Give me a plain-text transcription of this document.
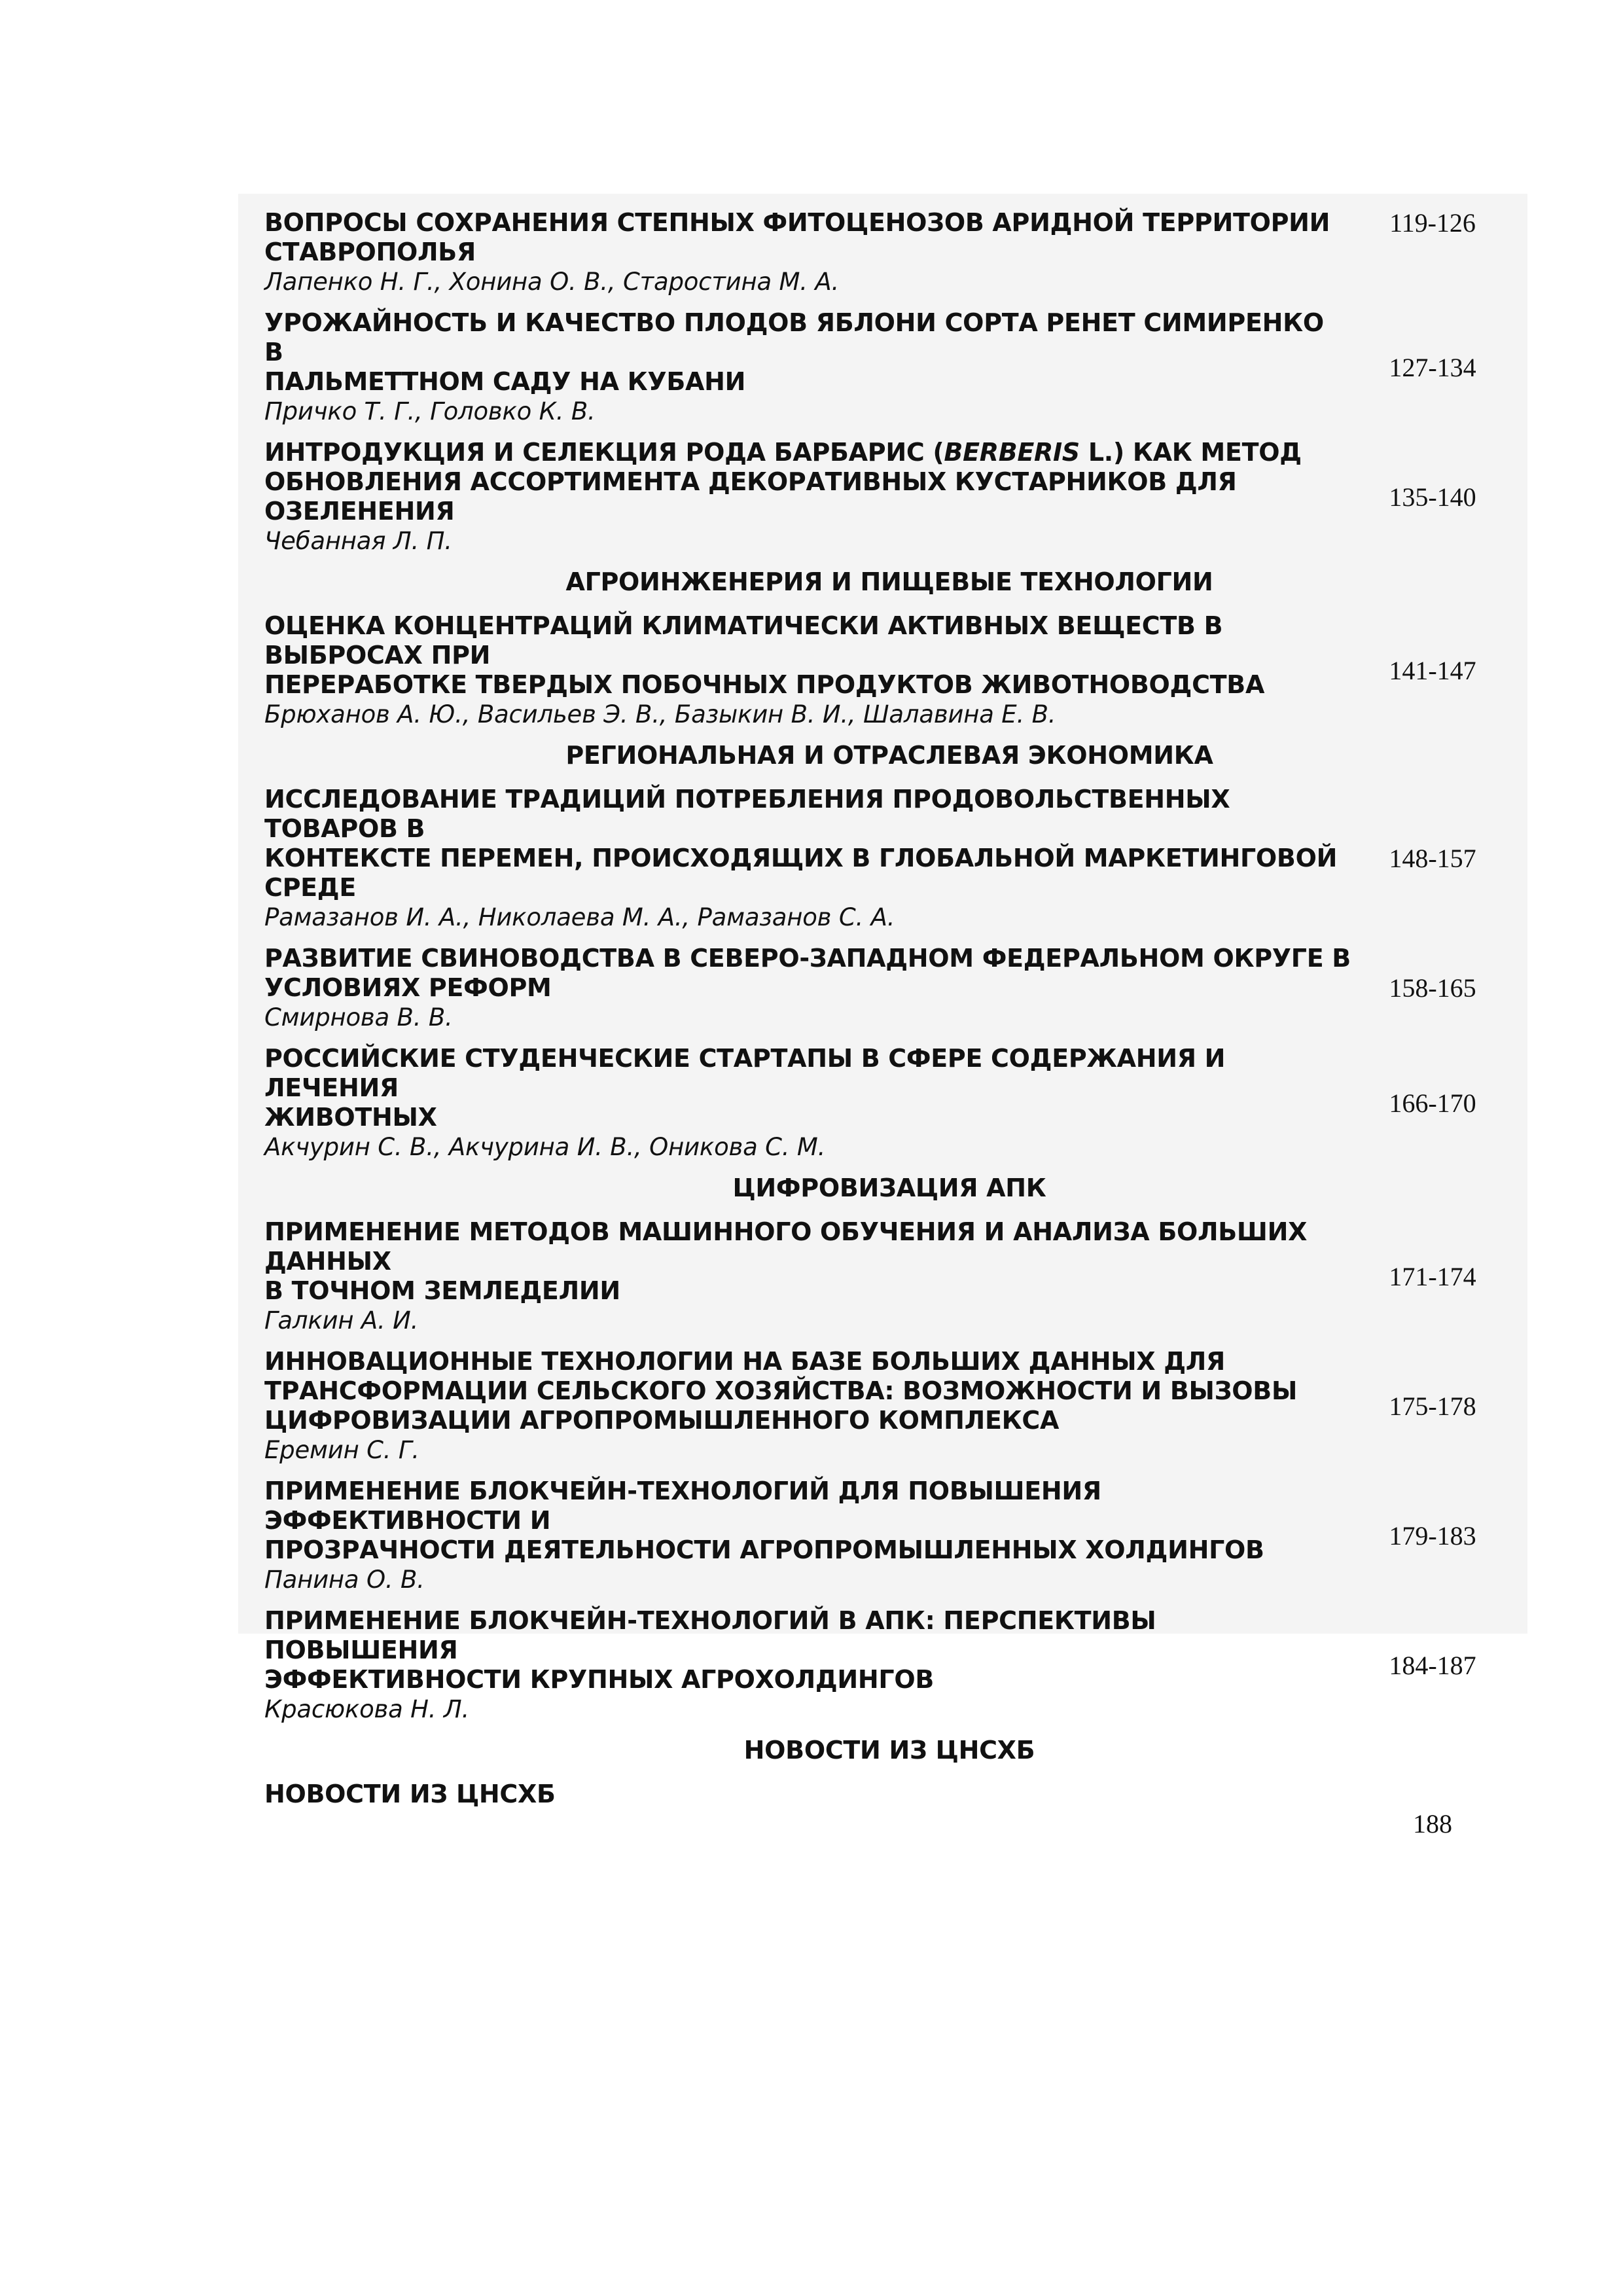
ВОПРОСЫ СОХРАНЕНИЯ СТЕПНЫХ ФИТОЦЕНОЗОВ АРИДНОЙ ТЕРРИТОРИИ
СТАВРОПОЛЬЯ
Лапенко Н. Г., Хонина О. В., Старостина М. А.
119-126
УРОЖАЙНОСТЬ И КАЧЕСТВО ПЛОДОВ ЯБЛОНИ СОРТА РЕНЕТ СИМИРЕНКО В
ПАЛЬМЕТТНОМ САДУ НА КУБАНИ
Пpичко Т. Г., Головко К. В.
127-134
ИНТРОДУКЦИЯ И СЕЛЕКЦИЯ РОДА БАРБАРИС (BERBERIS L.) КАК МЕТОД
ОБНОВЛЕНИЯ АССОРТИМЕНТА ДЕКОРАТИВНЫХ КУСТАРНИКОВ ДЛЯ ОЗЕЛЕНЕНИЯ
Чебанная Л. П.
135-140
АГРОИНЖЕНЕРИЯ И ПИЩЕВЫЕ ТЕХНОЛОГИИ
ОЦЕНКА КОНЦЕНТРАЦИЙ КЛИМАТИЧЕСКИ АКТИВНЫХ ВЕЩЕСТВ В ВЫБРОСАХ ПРИ
ПЕРЕРАБОТКЕ ТВЕРДЫХ ПОБОЧНЫХ ПРОДУКТОВ ЖИВОТНОВОДСТВА
Брюханов А. Ю., Васильев Э. В., Базыкин В. И., Шалавина Е. В.
141-147
РЕГИОНАЛЬНАЯ И ОТРАСЛЕВАЯ ЭКОНОМИКА
ИССЛЕДОВАНИЕ ТРАДИЦИЙ ПОТРЕБЛЕНИЯ ПРОДОВОЛЬСТВЕННЫХ ТОВАРОВ В
КОНТЕКСТЕ ПЕРЕМЕН, ПРОИСХОДЯЩИХ В ГЛОБАЛЬНОЙ МАРКЕТИНГОВОЙ СРЕДЕ
Рамазанов И. А., Николаева М. А., Рамазанов С. А.
148-157
РАЗВИТИЕ СВИНОВОДСТВА В СЕВЕРО-ЗАПАДНОМ ФЕДЕРАЛЬНОМ ОКРУГЕ В
УСЛОВИЯХ РЕФОРМ
Смирнова В. В.
158-165
РОССИЙСКИЕ СТУДЕНЧЕСКИЕ СТАРТАПЫ В СФЕРЕ СОДЕРЖАНИЯ И ЛЕЧЕНИЯ
ЖИВОТНЫХ
Акчурин С. В., Акчурина И. В., Оникова С. М.
166-170
ЦИФРОВИЗАЦИЯ АПК
ПРИМЕНЕНИЕ МЕТОДОВ МАШИННОГО ОБУЧЕНИЯ И АНАЛИЗА БОЛЬШИХ ДАННЫХ
В ТОЧНОМ ЗЕМЛЕДЕЛИИ
Галкин А. И.
171-174
ИННОВАЦИОННЫЕ ТЕХНОЛОГИИ НА БАЗЕ БОЛЬШИХ ДАННЫХ ДЛЯ
ТРАНСФОРМАЦИИ СЕЛЬСКОГО ХОЗЯЙСТВА: ВОЗМОЖНОСТИ И ВЫЗОВЫ
ЦИФРОВИЗАЦИИ АГРОПРОМЫШЛЕННОГО КОМПЛЕКСА
Еремин С. Г.
175-178
ПРИМЕНЕНИЕ БЛОКЧЕЙН-ТЕХНОЛОГИЙ ДЛЯ ПОВЫШЕНИЯ ЭФФЕКТИВНОСТИ И
ПРОЗРАЧНОСТИ ДЕЯТЕЛЬНОСТИ АГРОПРОМЫШЛЕННЫХ ХОЛДИНГОВ
Панина О. В.
179-183
ПРИМЕНЕНИЕ БЛОКЧЕЙН-ТЕХНОЛОГИЙ В АПК: ПЕРСПЕКТИВЫ ПОВЫШЕНИЯ
ЭФФЕКТИВНОСТИ КРУПНЫХ АГРОХОЛДИНГОВ
Красюкова Н. Л.
184-187
НОВОСТИ ИЗ ЦНСХБ
НОВОСТИ ИЗ ЦНСХБ
188
